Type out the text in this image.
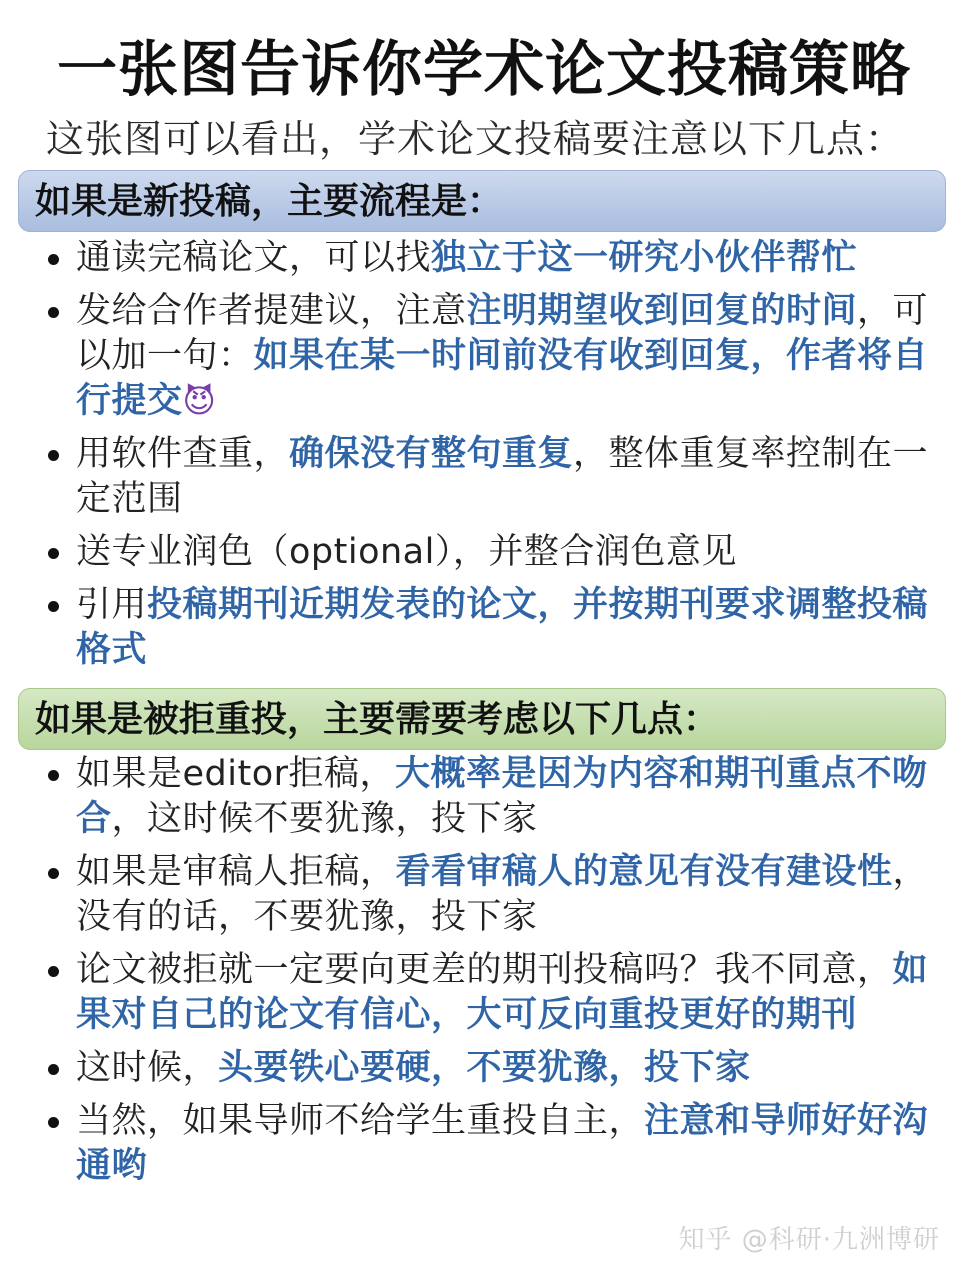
一张图告诉你学术论文投稿策略
这张图可以看出，学术论文投稿要注意以下几点：
如果是新投稿，主要流程是：
通读完稿论文，可以找独立于这一研究小伙伴帮忙
发给合作者提建议，注意注明期望收到回复的时间，可以加一句：如果在某一时间前没有收到回复，作者将自行提交😈
用软件查重，确保没有整句重复，整体重复率控制在一定范围
送专业润色（optional），并整合润色意见
引用投稿期刊近期发表的论文，并按期刊要求调整投稿格式
如果是被拒重投，主要需要考虑以下几点：
如果是editor拒稿，大概率是因为内容和期刊重点不吻合，这时候不要犹豫，投下家
如果是审稿人拒稿，看看审稿人的意见有没有建设性，没有的话，不要犹豫，投下家
论文被拒就一定要向更差的期刊投稿吗？我不同意，如果对自己的论文有信心，大可反向重投更好的期刊
这时候，头要铁心要硬，不要犹豫，投下家
当然，如果导师不给学生重投自主，注意和导师好好沟通哟
知乎 @科研·九洲博研
